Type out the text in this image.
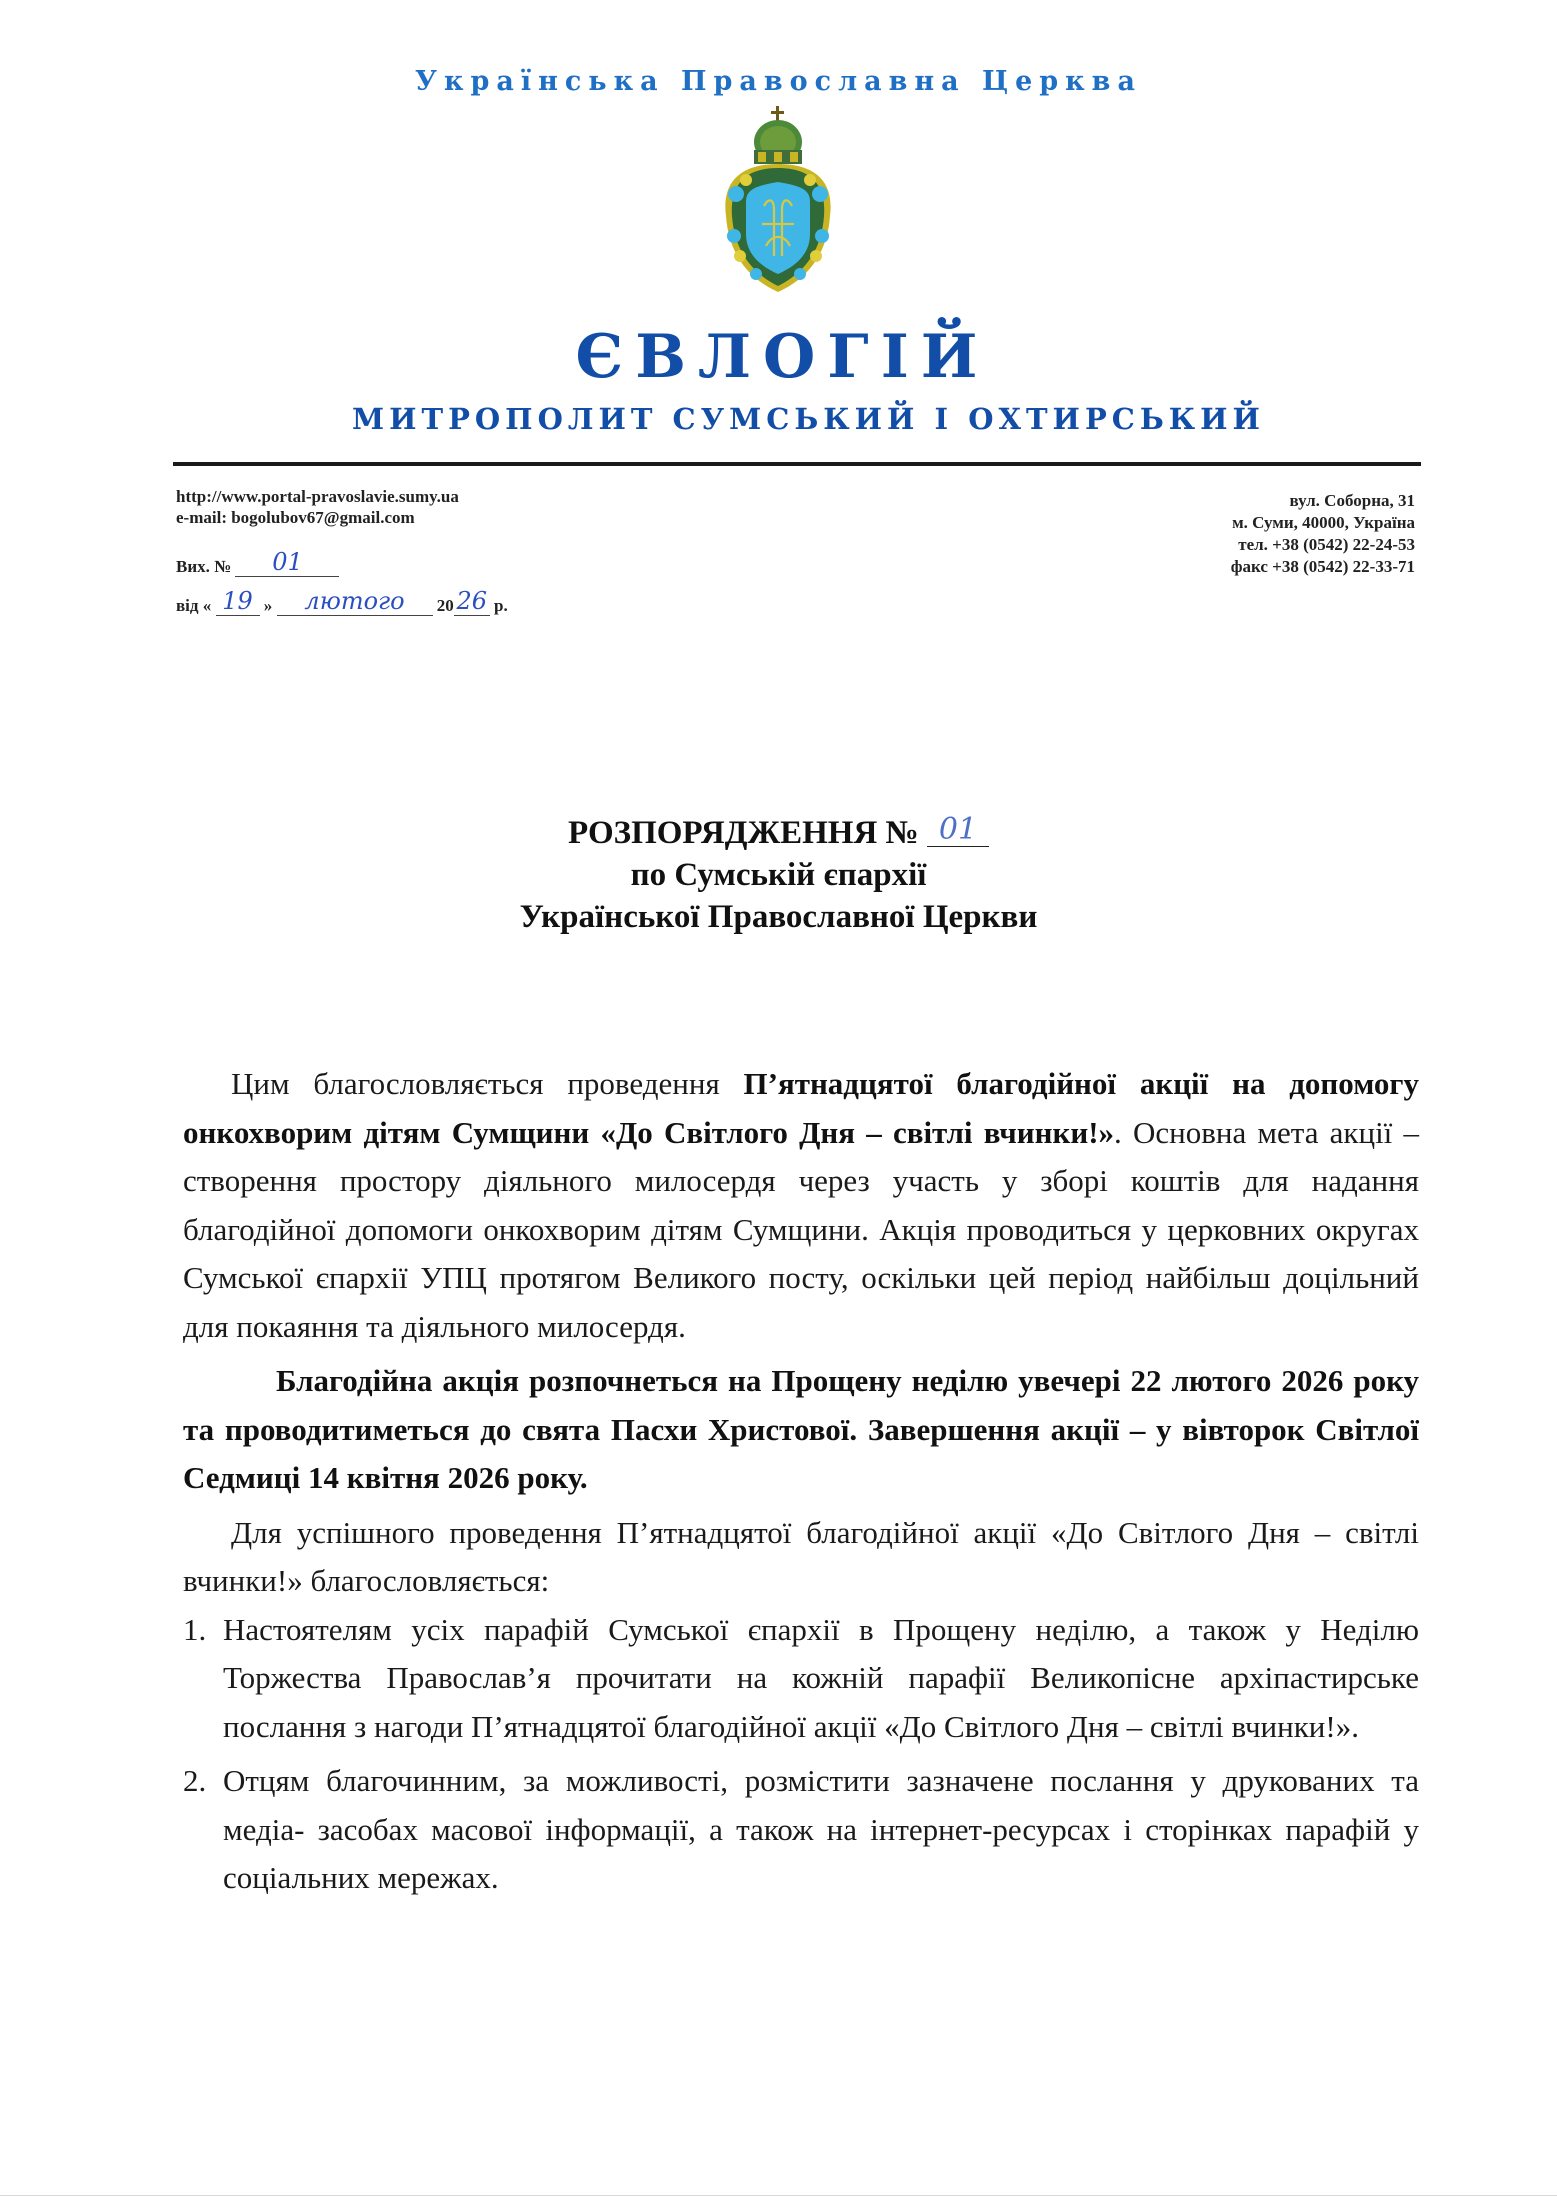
Українська Православна Церква
ЄВЛОГІЙ
МИТРОПОЛИТ СУМСЬКИЙ І ОХТИРСЬКИЙ
http://www.portal-pravoslavie.sumy.ua
e-mail: bogolubov67@gmail.com
вул. Соборна, 31
м. Суми, 40000, Україна
тел. +38 (0542) 22-24-53
факс +38 (0542) 22-33-71
Вих. № 01
від « 19 » лютого 20 26 р.
РОЗПОРЯДЖЕННЯ № 01
по Сумській єпархії
Української Православної Церкви

Цим благословляється проведення П’ятнадцятої благодійної акції на допомогу онкохворим дітям Сумщини «До Світлого Дня – світлі вчинки!». Основна мета акції – створення простору діяльного милосердя через участь у зборі коштів для надання благодійної допомоги онкохворим дітям Сумщини. Акція проводиться у церковних округах Сумської єпархії УПЦ протягом Великого посту, оскільки цей період найбільш доцільний для покаяння та діяльного милосердя.

Благодійна акція розпочнеться на Прощену неділю увечері 22 лютого 2026 року та проводитиметься до свята Пасхи Христової. Завершення акції – у вівторок Світлої Седмиці 14 квітня 2026 року.

Для успішного проведення П’ятнадцятої благодійної акції «До Світлого Дня – світлі вчинки!» благословляється:

1. Настоятелям усіх парафій Сумської єпархії в Прощену неділю, а також у Неділю Торжества Православ’я прочитати на кожній парафії Великопісне архіпастирське послання з нагоди П’ятнадцятої благодійної акції «До Світлого Дня – світлі вчинки!».
2. Отцям благочинним, за можливості, розмістити зазначене послання у друкованих та медіа- засобах масової інформації, а також на інтернет-ресурсах і сторінках парафій у соціальних мережах.
